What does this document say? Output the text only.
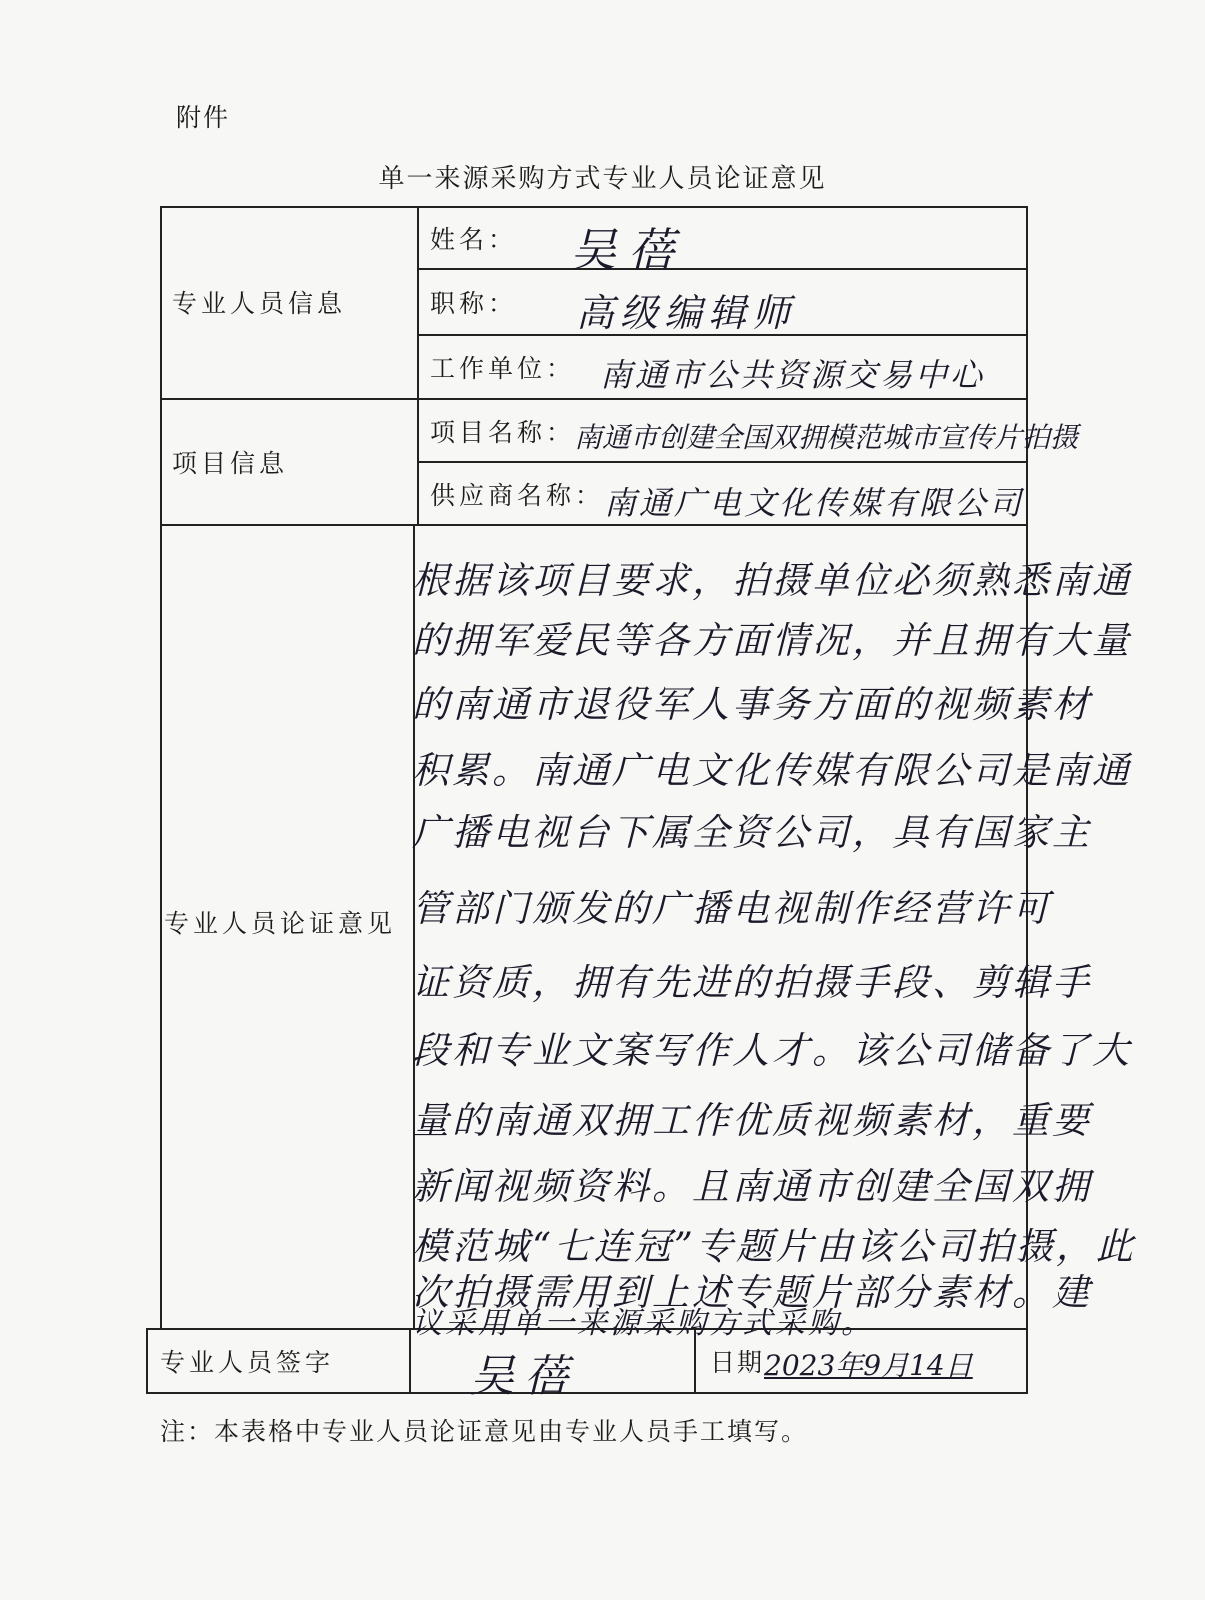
附件
单一来源采购方式专业人员论证意见
专业人员信息
项目信息
专业人员论证意见
专业人员签字
姓名：
职称：
工作单位：
项目名称：
供应商名称：
吴蓓
高级编辑师
南通市公共资源交易中心
南通市创建全国双拥模范城市宣传片拍摄
南通广电文化传媒有限公司
根据该项目要求，拍摄单位必须熟悉南通
的拥军爱民等各方面情况，并且拥有大量
的南通市退役军人事务方面的视频素材
积累。南通广电文化传媒有限公司是南通
广播电视台下属全资公司，具有国家主
管部门颁发的广播电视制作经营许可
证资质，拥有先进的拍摄手段、剪辑手
段和专业文案写作人才。该公司储备了大
量的南通双拥工作优质视频素材，重要
新闻视频资料。且南通市创建全国双拥
模范城“七连冠”专题片由该公司拍摄，此
次拍摄需用到上述专题片部分素材。建
议采用单一来源采购方式采购。
吴蓓	日期 2023年9月14日
注：本表格中专业人员论证意见由专业人员手工填写。
